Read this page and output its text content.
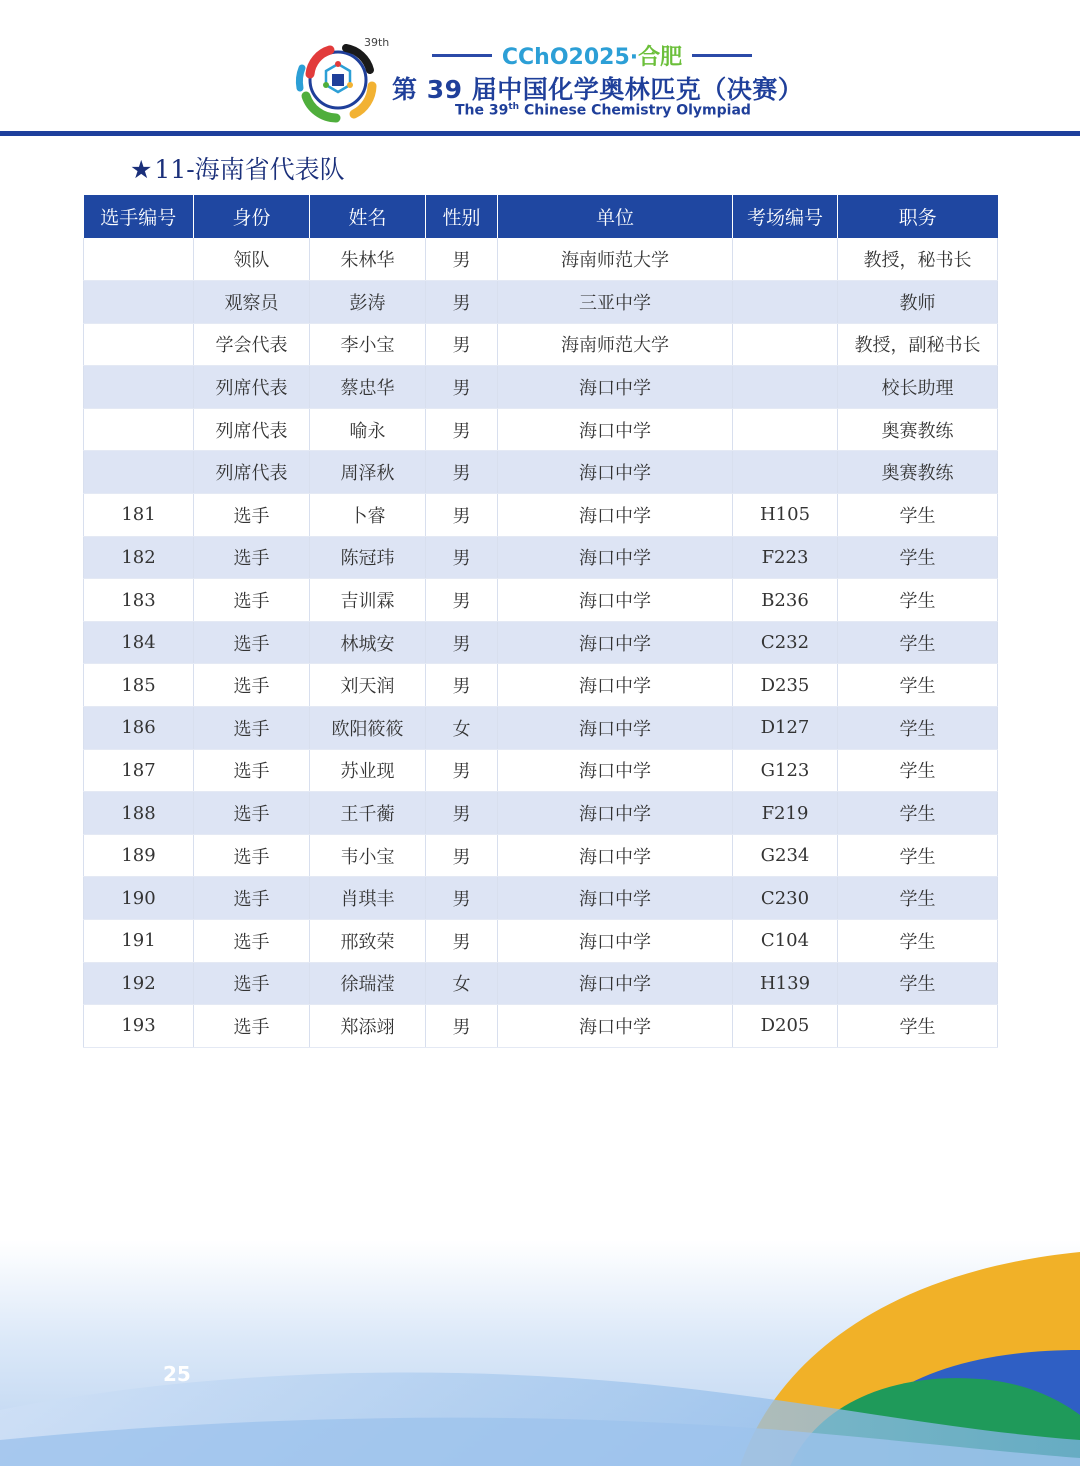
39th
CChO2025·合肥
第 39 届中国化学奥林匹克（决赛）
The 39th Chinese Chemistry Olympiad
★11-海南省代表队
选手编号	身份	姓名	性别	单位	考场编号	职务
	领队	朱林华	男	海南师范大学		教授，秘书长
	观察员	彭涛	男	三亚中学		教师
	学会代表	李小宝	男	海南师范大学		教授，副秘书长
	列席代表	蔡忠华	男	海口中学		校长助理
	列席代表	喻永	男	海口中学		奥赛教练
	列席代表	周泽秋	男	海口中学		奥赛教练
181	选手	卜睿	男	海口中学	H105	学生
182	选手	陈冠玮	男	海口中学	F223	学生
183	选手	吉训霖	男	海口中学	B236	学生
184	选手	林城安	男	海口中学	C232	学生
185	选手	刘天润	男	海口中学	D235	学生
186	选手	欧阳筱筱	女	海口中学	D127	学生
187	选手	苏业现	男	海口中学	G123	学生
188	选手	王千蘅	男	海口中学	F219	学生
189	选手	韦小宝	男	海口中学	G234	学生
190	选手	肖琪丰	男	海口中学	C230	学生
191	选手	邢致荣	男	海口中学	C104	学生
192	选手	徐瑞滢	女	海口中学	H139	学生
193	选手	郑添翊	男	海口中学	D205	学生
25
